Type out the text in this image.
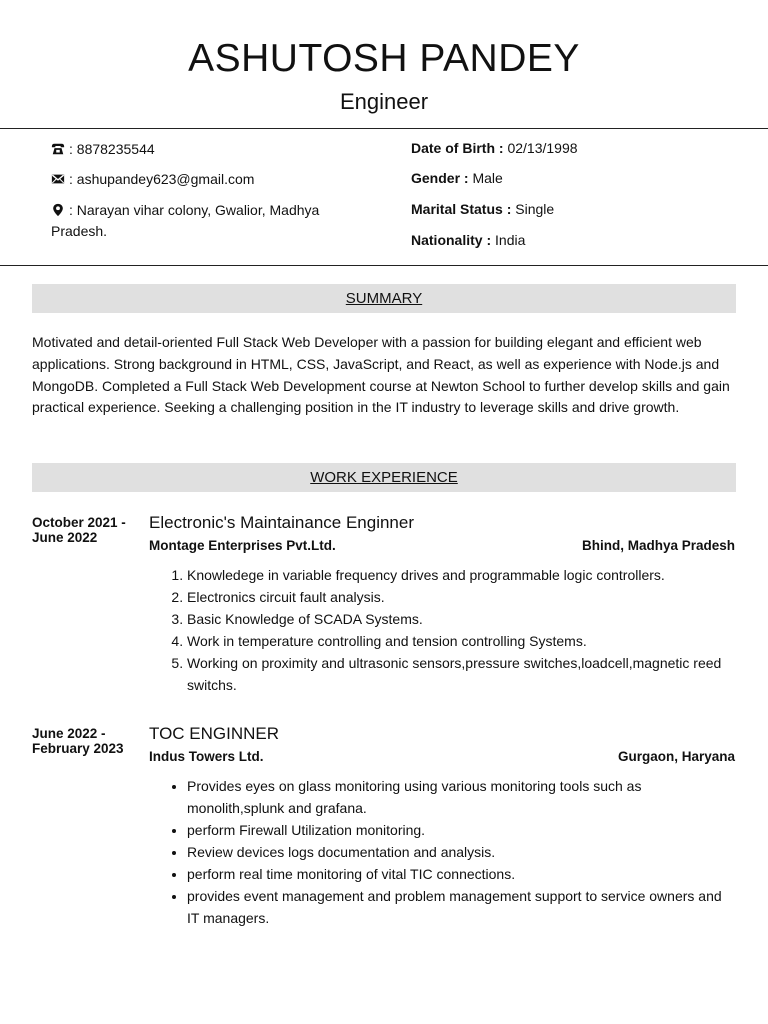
ASHUTOSH PANDEY
Engineer
: 8878235544
: ashupandey623@gmail.com
: Narayan vihar colony, Gwalior, Madhya Pradesh.
Date of Birth : 02/13/1998
Gender : Male
Marital Status : Single
Nationality : India
SUMMARY

Motivated and detail-oriented Full Stack Web Developer with a passion for building elegant and efficient web applications. Strong background in HTML, CSS, JavaScript, and React, as well as experience with Node.js and MongoDB. Completed a Full Stack Web Development course at Newton School to further develop skills and gain practical experience. Seeking a challenging position in the IT industry to leverage skills and drive growth.

WORK EXPERIENCE
October 2021 - June 2022
Electronic's Maintainance Enginner
Montage Enterprises Pvt.Ltd.	Bhind, Madhya Pradesh
1. Knowledege in variable frequency drives and programmable logic controllers.
2. Electronics circuit fault analysis.
3. Basic Knowledge of SCADA Systems.
4. Work in temperature controlling and tension controlling Systems.
5. Working on proximity and ultrasonic sensors,pressure switches,loadcell,magnetic reed switchs.
June 2022 - February 2023
TOC ENGINNER
Indus Towers Ltd.	Gurgaon, Haryana
• Provides eyes on glass monitoring using various monitoring tools such as monolith,splunk and grafana.
• perform Firewall Utilization monitoring.
• Review devices logs documentation and analysis.
• perform real time monitoring of vital TIC connections.
• provides event management and problem management support to service owners and IT managers.
